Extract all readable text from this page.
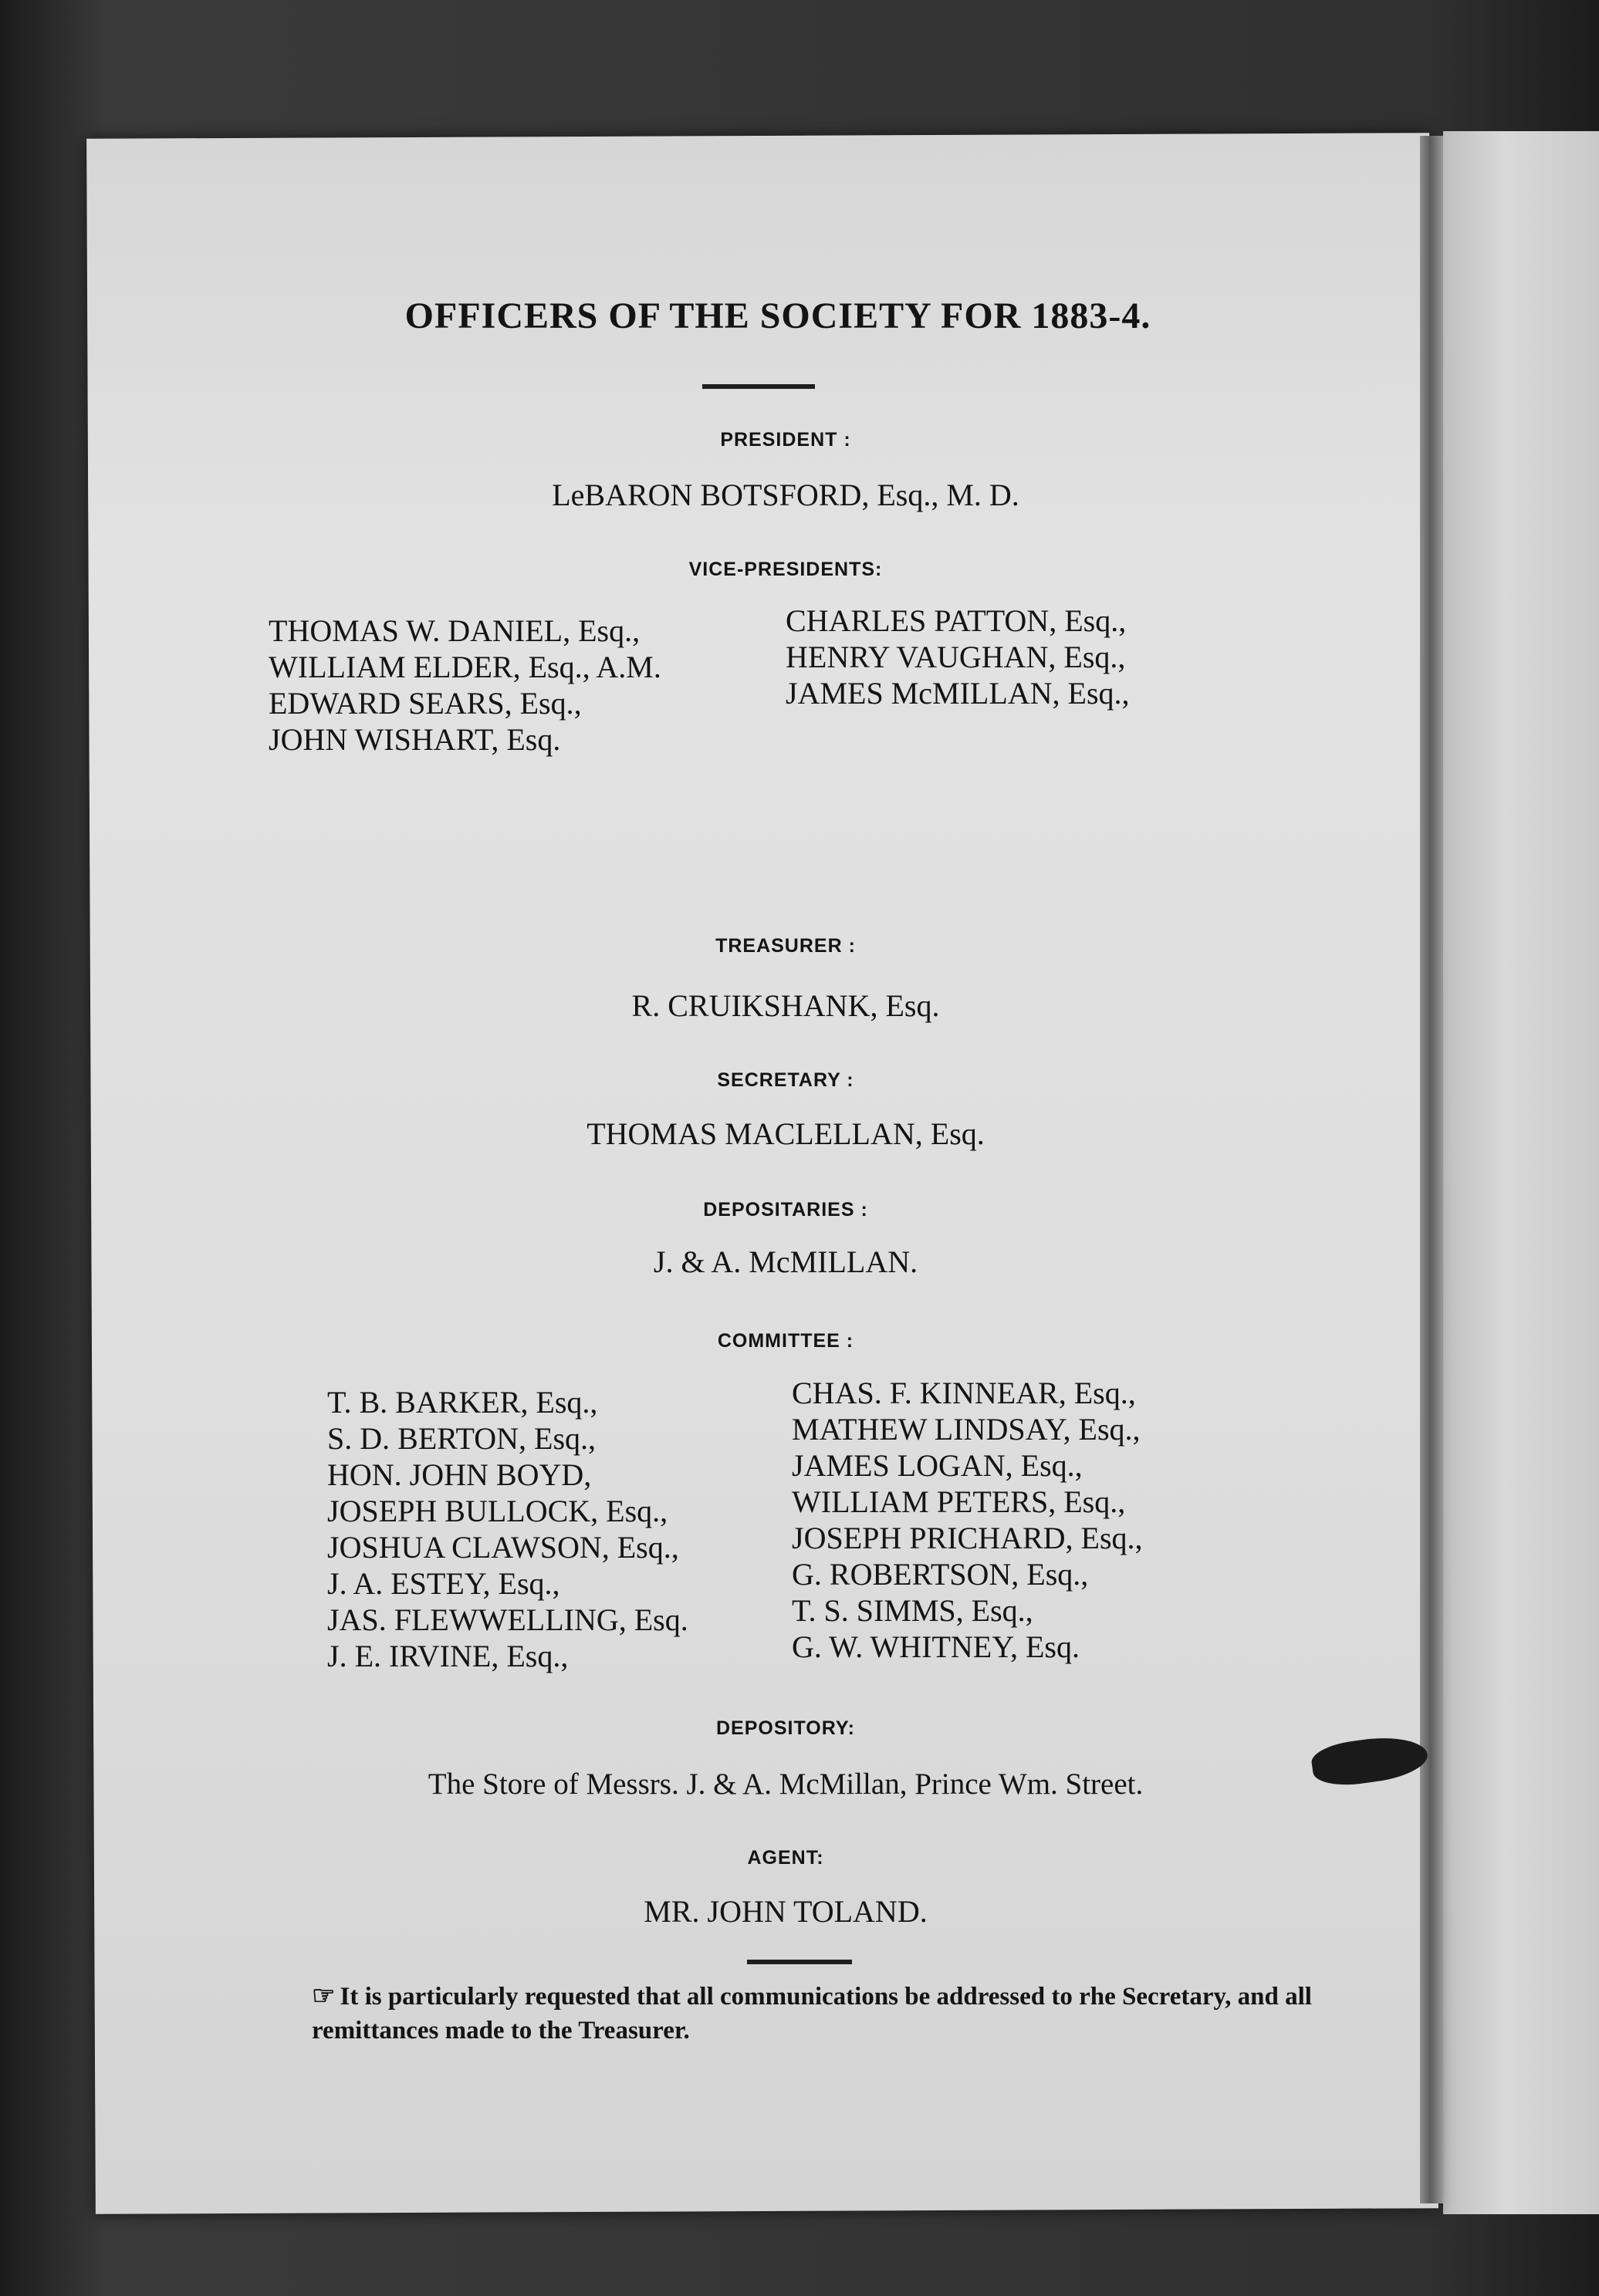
OFFICERS OF THE SOCIETY FOR 1883-4.
PRESIDENT :
LeBARON BOTSFORD, Esq., M. D.
VICE-PRESIDENTS:
THOMAS W. DANIEL, Esq.,
WILLIAM ELDER, Esq., A.M.
EDWARD SEARS, Esq.,
JOHN WISHART, Esq.
CHARLES PATTON, Esq.,
HENRY VAUGHAN, Esq.,
JAMES McMILLAN, Esq.,
TREASURER :
R. CRUIKSHANK, Esq.
SECRETARY :
THOMAS MACLELLAN, Esq.
DEPOSITARIES :
J. & A. McMILLAN.
COMMITTEE :
T. B. BARKER, Esq.,
S. D. BERTON, Esq.,
HON. JOHN BOYD,
JOSEPH BULLOCK, Esq.,
JOSHUA CLAWSON, Esq.,
J. A. ESTEY, Esq.,
JAS. FLEWWELLING, Esq.
J. E. IRVINE, Esq.,
CHAS. F. KINNEAR, Esq.,
MATHEW LINDSAY, Esq.,
JAMES LOGAN, Esq.,
WILLIAM PETERS, Esq.,
JOSEPH PRICHARD, Esq.,
G. ROBERTSON, Esq.,
T. S. SIMMS, Esq.,
G. W. WHITNEY, Esq.
DEPOSITORY:
The Store of Messrs. J. & A. McMillan, Prince Wm. Street.
AGENT:
MR. JOHN TOLAND.
☞ It is particularly requested that all communications be addressed to rhe Secretary, and all remittances made to the Treasurer.
